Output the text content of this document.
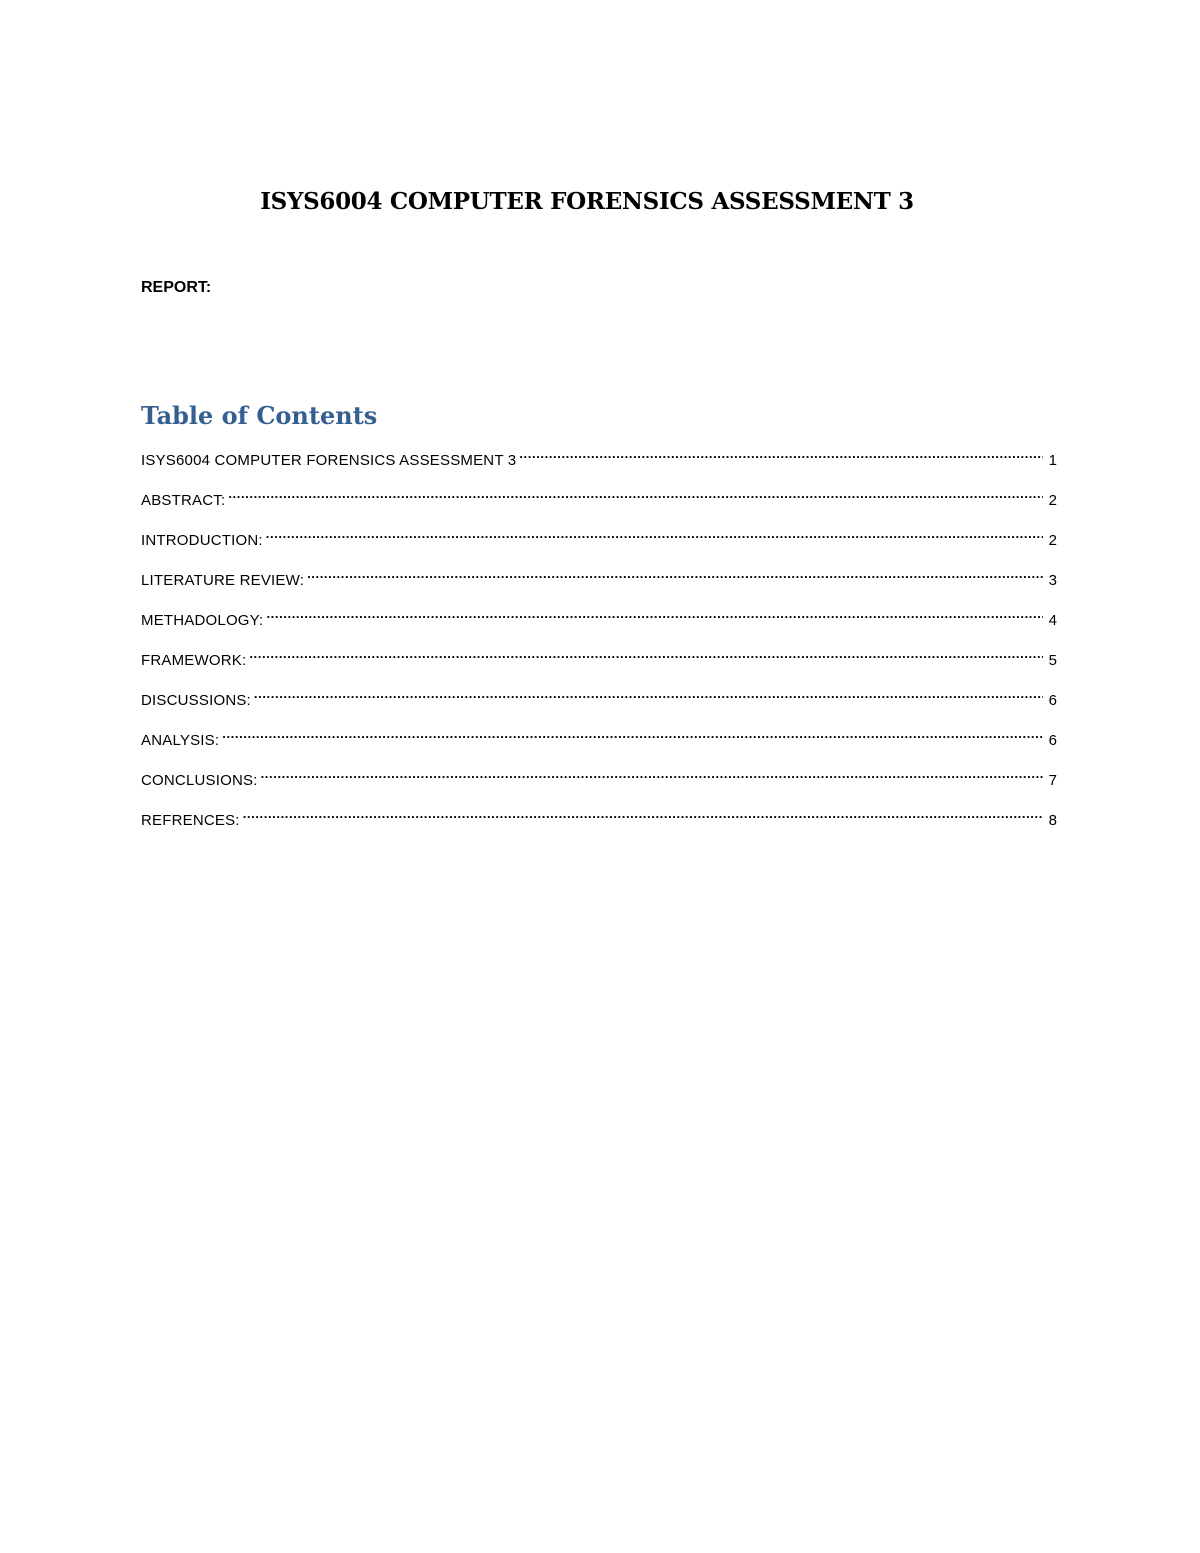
ISYS6004 COMPUTER FORENSICS ASSESSMENT 3

REPORT:

Table of Contents
ISYS6004 COMPUTER FORENSICS ASSESSMENT 3 .....	1
ABSTRACT: .....	2
INTRODUCTION: .....	2
LITERATURE REVIEW: .....	3
METHADOLOGY: .....	4
FRAMEWORK: .....	5
DISCUSSIONS: .....	6
ANALYSIS: .....	6
CONCLUSIONS: .....	7
REFRENCES: .....	8
